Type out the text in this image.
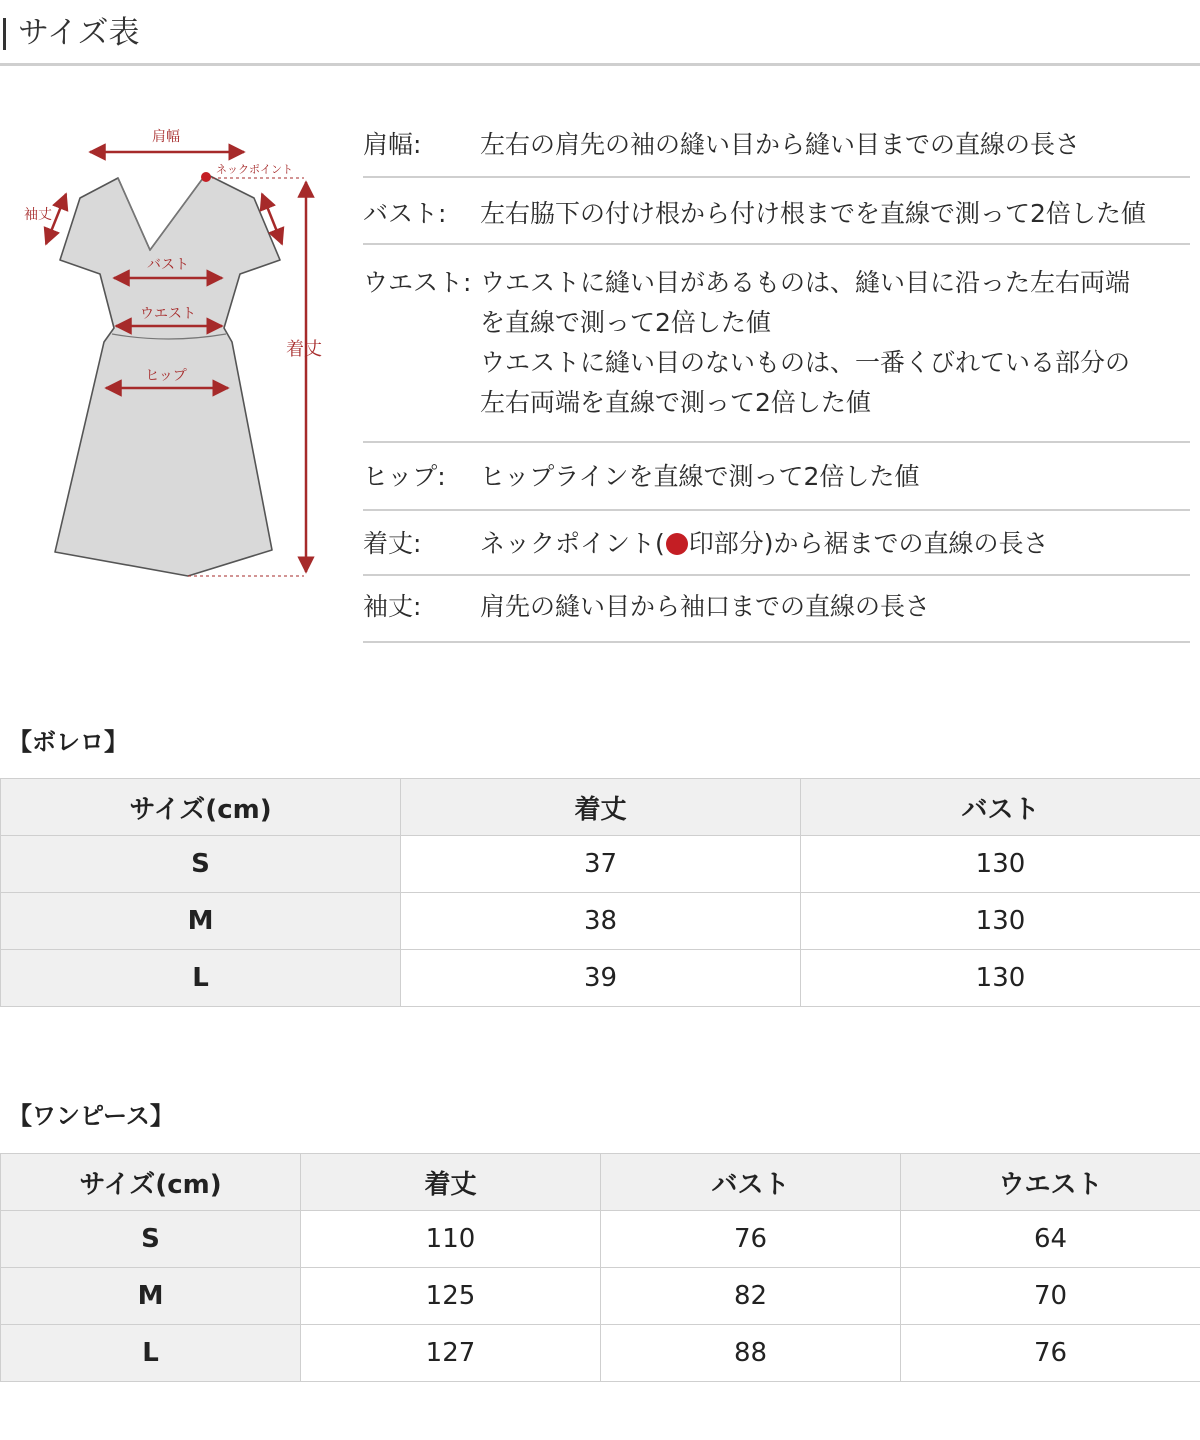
サイズ表
肩幅
ネックポイント
袖丈
バスト
ウエスト
ヒップ
着丈
肩幅:	左右の肩先の袖の縫い目から縫い目までの直線の長さ
バスト:	左右脇下の付け根から付け根までを直線で測って2倍した値
ウエスト: ウエストに縫い目があるものは、縫い目に沿った左右両端
を直線で測って2倍した値
ウエストに縫い目のないものは、一番くびれている部分の
左右両端を直線で測って2倍した値
ヒップ:	ヒップラインを直線で測って2倍した値
着丈:	ネックポイント( 印部分)から裾までの直線の長さ
袖丈:	肩先の縫い目から袖口までの直線の長さ
【ボレロ】
サイズ(cm)	着丈	バスト
S	37	130
M	38	130
L	39	130
【ワンピース】
サイズ(cm)	着丈	バスト	ウエスト
S	110	76	64
M	125	82	70
L	127	88	76
